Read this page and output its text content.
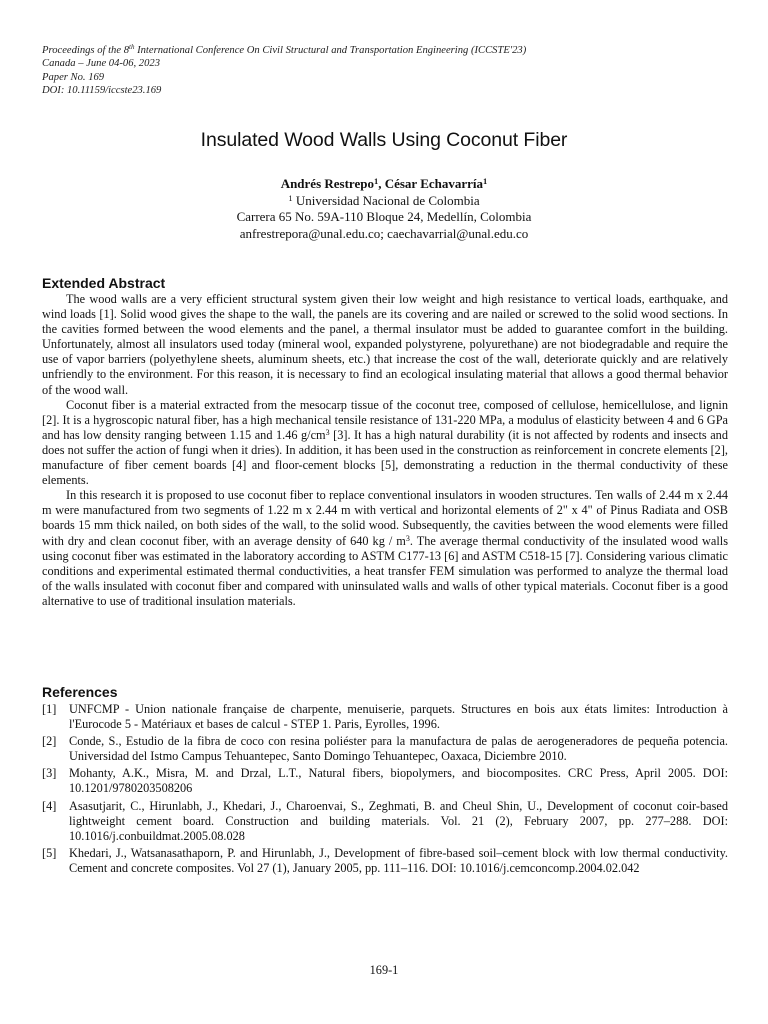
Proceedings of the 8th International Conference On Civil Structural and Transportation Engineering (ICCSTE'23)
Canada – June 04-06, 2023
Paper No. 169
DOI: 10.11159/iccste23.169
Insulated Wood Walls Using Coconut Fiber
Andrés Restrepo$^1$, César Echavarría$^1$
$^1$ Universidad Nacional de Colombia
Carrera 65 No. 59A-110 Bloque 24, Medellín, Colombia
anfrestrepora@unal.edu.co; caechavarrial@unal.edu.co
Extended Abstract

The wood walls are a very efficient structural system given their low weight and high resistance to vertical loads, earthquake, and wind loads [1]. Solid wood gives the shape to the wall, the panels are its covering and are nailed or screwed to the solid wood sections. In the cavities formed between the wood elements and the panel, a thermal insulator must be added to guarantee comfort in the building. Unfortunately, almost all insulators used today (mineral wool, expanded polystyrene, polyurethane) are not biodegradable and require the use of vapor barriers (polyethylene sheets, aluminum sheets, etc.) that increase the cost of the wall, deteriorate quickly and are relatively unfriendly to the environment. For this reason, it is necessary to find an ecological insulating material that allows a good thermal behavior of the wood wall.

Coconut fiber is a material extracted from the mesocarp tissue of the coconut tree, composed of cellulose, hemicellulose, and lignin [2]. It is a hygroscopic natural fiber, has a high mechanical tensile resistance of 131-220 MPa, a modulus of elasticity between 4 and 6 GPa and has low density ranging between 1.15 and 1.46 $g/cm^3$ [3]. It has a high natural durability (it is not affected by rodents and insects and does not suffer the action of fungi when it dries). In addition, it has been used in the construction as reinforcement in concrete elements [2], manufacture of fiber cement boards [4] and floor-cement blocks [5], demonstrating a reduction in the thermal conductivity of these elements.

In this research it is proposed to use coconut fiber to replace conventional insulators in wooden structures. Ten walls of 2.44 m x 2.44 m were manufactured from two segments of 1.22 m x 2.44 m with vertical and horizontal elements of 2" x 4" of Pinus Radiata and OSB boards 15 mm thick nailed, on both sides of the wall, to the solid wood. Subsequently, the cavities between the wood elements were filled with dry and clean coconut fiber, with an average density of 640 kg / $m^3$. The average thermal conductivity of the insulated wood walls using coconut fiber was estimated in the laboratory according to ASTM C177-13 [6] and ASTM C518-15 [7]. Considering various climatic conditions and experimental estimated thermal conductivities, a heat transfer FEM simulation was performed to analyze the thermal load of the walls insulated with coconut fiber and compared with uninsulated walls and walls of other typical materials. Coconut fiber is a good alternative to use of traditional insulation materials.

References
[1] UNFCMP - Union nationale française de charpente, menuiserie, parquets. Structures en bois aux états limites: Introduction à l'Eurocode 5 - Matériaux et bases de calcul - STEP 1. Paris, Eyrolles, 1996.
[2] Conde, S., Estudio de la fibra de coco con resina poliéster para la manufactura de palas de aerogeneradores de pequeña potencia. Universidad del Istmo Campus Tehuantepec, Santo Domingo Tehuantepec, Oaxaca, Diciembre 2010.
[3] Mohanty, A.K., Misra, M. and Drzal, L.T., Natural fibers, biopolymers, and biocomposites. CRC Press, April 2005. DOI: 10.1201/9780203508206
[4] Asasutjarit, C., Hirunlabh, J., Khedari, J., Charoenvai, S., Zeghmati, B. and Cheul Shin, U., Development of coconut coir-based lightweight cement board. Construction and building materials. Vol. 21 (2), February 2007, pp. 277–288. DOI: 10.1016/j.conbuildmat.2005.08.028
[5] Khedari, J., Watsanasathaporn, P. and Hirunlabh, J., Development of fibre-based soil–cement block with low thermal conductivity. Cement and concrete composites. Vol 27 (1), January 2005, pp. 111–116. DOI: 10.1016/j.cemconcomp.2004.02.042
169-1
